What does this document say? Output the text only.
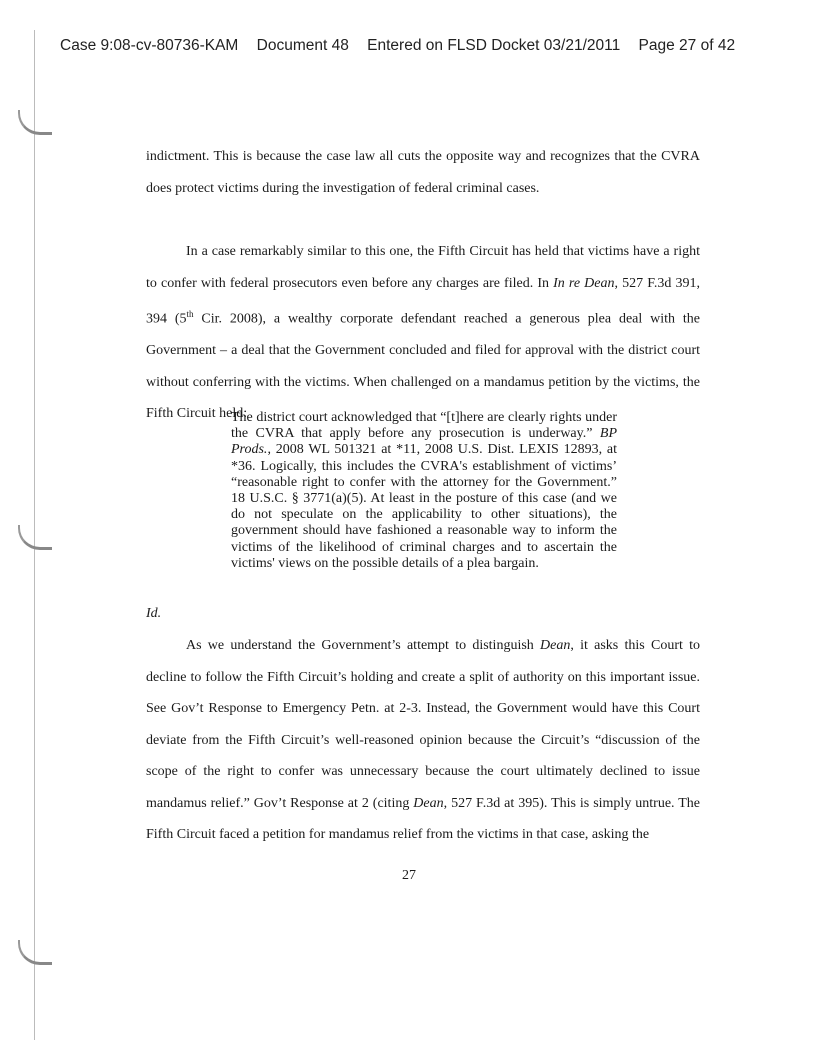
Case 9:08-cv-80736-KAM Document 48 Entered on FLSD Docket 03/21/2011 Page 27 of 42

indictment. This is because the case law all cuts the opposite way and recognizes that the CVRA does protect victims during the investigation of federal criminal cases.

In a case remarkably similar to this one, the Fifth Circuit has held that victims have a right to confer with federal prosecutors even before any charges are filed. In In re Dean, 527 F.3d 391, 394 (5th Cir. 2008), a wealthy corporate defendant reached a generous plea deal with the Government – a deal that the Government concluded and filed for approval with the district court without conferring with the victims. When challenged on a mandamus petition by the victims, the Fifth Circuit held:

The district court acknowledged that “[t]here are clearly rights under the CVRA that apply before any prosecution is underway.” BP Prods., 2008 WL 501321 at *11, 2008 U.S. Dist. LEXIS 12893, at *36. Logically, this includes the CVRA's establishment of victims’ “reasonable right to confer with the attorney for the Government.” 18 U.S.C. § 3771(a)(5). At least in the posture of this case (and we do not speculate on the applicability to other situations), the government should have fashioned a reasonable way to inform the victims of the likelihood of criminal charges and to ascertain the victims' views on the possible details of a plea bargain.

Id.

As we understand the Government’s attempt to distinguish Dean, it asks this Court to decline to follow the Fifth Circuit’s holding and create a split of authority on this important issue. See Gov’t Response to Emergency Petn. at 2-3. Instead, the Government would have this Court deviate from the Fifth Circuit’s well-reasoned opinion because the Circuit’s “discussion of the scope of the right to confer was unnecessary because the court ultimately declined to issue mandamus relief.” Gov’t Response at 2 (citing Dean, 527 F.3d at 395). This is simply untrue. The Fifth Circuit faced a petition for mandamus relief from the victims in that case, asking the

27
